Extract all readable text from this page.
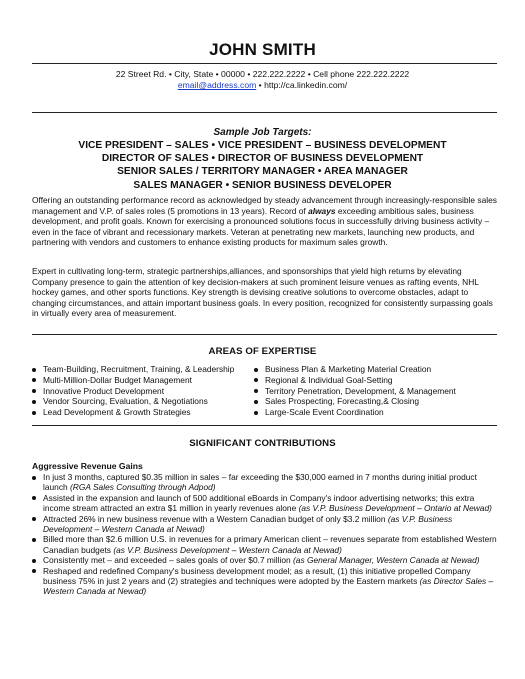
JOHN SMITH
22 Street Rd. • City, State • 00000 • 222.222.2222 • Cell phone 222.222.2222
email@address.com • http://ca.linkedin.com/
Sample Job Targets:
VICE PRESIDENT – SALES • VICE PRESIDENT – BUSINESS DEVELOPMENT
DIRECTOR OF SALES • DIRECTOR OF BUSINESS DEVELOPMENT
SENIOR SALES / TERRITORY MANAGER • AREA MANAGER
SALES MANAGER • SENIOR BUSINESS DEVELOPER
Offering an outstanding performance record as acknowledged by steady advancement through increasingly-responsible sales management and V.P. of sales roles (5 promotions in 13 years). Record of always exceeding ambitious sales, business development, and profit goals. Known for exercising a pronounced solutions focus in successfully driving business activity – even in the face of vibrant and recessionary markets. Veteran at penetrating new markets, launching new products, and partnering with vendors and customers to enhance existing products for maximum sales growth.
Expert in cultivating long-term, strategic partnerships,alliances, and sponsorships that yield high returns by elevating Company presence to gain the attention of key decision-makers at such prominent leisure venues as rafting events, NHL hockey games, and other sports functions. Key strength is devising creative solutions to overcome obstacles, adapt to changing circumstances, and attain important business goals. In every position, recognized for consistently surpassing goals in virtually every area of measurement.
AREAS OF EXPERTISE
Team-Building, Recruitment, Training, & Leadership
Multi-Million-Dollar Budget Management
Innovative Product Development
Vendor Sourcing, Evaluation, & Negotiations
Lead Development & Growth Strategies
Business Plan & Marketing Material Creation
Regional & Individual Goal-Setting
Territory Penetration, Development, & Management
Sales Prospecting, Forecasting,& Closing
Large-Scale Event Coordination
SIGNIFICANT CONTRIBUTIONS
Aggressive Revenue Gains
In just 3 months, captured $0.35 million in sales – far exceeding the $30,000 earned in 7 months during initial product launch (RGA Sales Consulting through Adpod)
Assisted in the expansion and launch of 500 additional eBoards in Company's indoor advertising networks; this extra income stream attracted an extra $1 million in yearly revenues alone (as V.P. Business Development – Ontario at Newad)
Attracted 26% in new business revenue with a Western Canadian budget of only $3.2 million (as V.P. Business Development – Western Canada at Newad)
Billed more than $2.6 million U.S. in revenues for a primary American client – revenues separate from established Western Canadian budgets (as V.P. Business Development – Western Canada at Newad)
Consistently met – and exceeded – sales goals of over $0.7 million (as General Manager, Western Canada at Newad)
Reshaped and redefined Company's business development model; as a result, (1) this initiative propelled Company business 75% in just 2 years and (2) strategies and techniques were adopted by the Eastern markets (as Director Sales – Western Canada at Newad)
